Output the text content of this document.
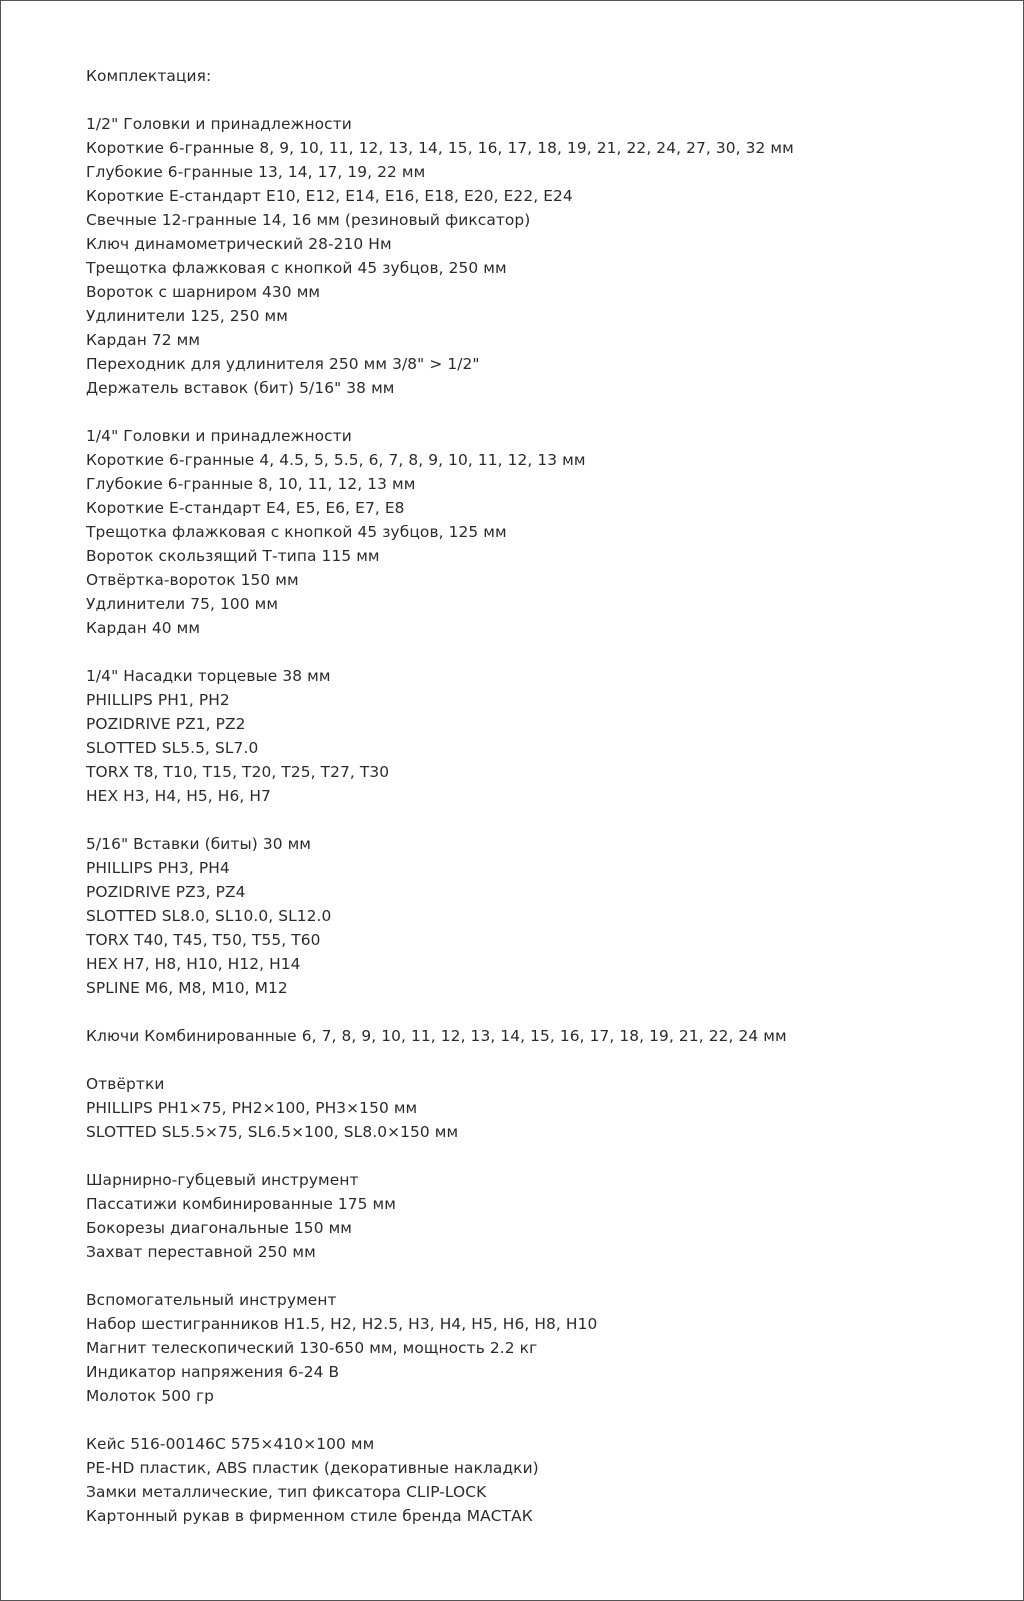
Комплектация:
1/2" Головки и принадлежности
Короткие 6-гранные 8, 9, 10, 11, 12, 13, 14, 15, 16, 17, 18, 19, 21, 22, 24, 27, 30, 32 мм
Глубокие 6-гранные 13, 14, 17, 19, 22 мм
Короткие Е-стандарт Е10, Е12, Е14, Е16, Е18, Е20, Е22, Е24
Свечные 12-гранные 14, 16 мм (резиновый фиксатор)
Ключ динамометрический 28-210 Нм
Трещотка флажковая с кнопкой 45 зубцов, 250 мм
Вороток с шарниром 430 мм
Удлинители 125, 250 мм
Кардан 72 мм
Переходник для удлинителя 250 мм 3/8" > 1/2"
Держатель вставок (бит) 5/16" 38 мм
1/4" Головки и принадлежности
Короткие 6-гранные 4, 4.5, 5, 5.5, 6, 7, 8, 9, 10, 11, 12, 13 мм
Глубокие 6-гранные 8, 10, 11, 12, 13 мм
Короткие Е-стандарт Е4, Е5, Е6, Е7, Е8
Трещотка флажковая с кнопкой 45 зубцов, 125 мм
Вороток скользящий Т-типа 115 мм
Отвёртка-вороток 150 мм
Удлинители 75, 100 мм
Кардан 40 мм
1/4" Насадки торцевые 38 мм
PHILLIPS PH1, PH2
POZIDRIVE PZ1, PZ2
SLOTTED SL5.5, SL7.0
TORX T8, T10, T15, T20, T25, T27, T30
HEX H3, H4, H5, H6, H7
5/16" Вставки (биты) 30 мм
PHILLIPS PH3, PH4
POZIDRIVE PZ3, PZ4
SLOTTED SL8.0, SL10.0, SL12.0
TORX T40, T45, T50, T55, T60
HEX H7, H8, H10, H12, H14
SPLINE M6, M8, M10, M12
Ключи Комбинированные 6, 7, 8, 9, 10, 11, 12, 13, 14, 15, 16, 17, 18, 19, 21, 22, 24 мм
Отвёртки
PHILLIPS PH1×75, PH2×100, PH3×150 мм
SLOTTED SL5.5×75, SL6.5×100, SL8.0×150 мм
Шарнирно-губцевый инструмент
Пассатижи комбинированные 175 мм
Бокорезы диагональные 150 мм
Захват переставной 250 мм
Вспомогательный инструмент
Набор шестигранников H1.5, H2, H2.5, H3, H4, H5, H6, H8, H10
Магнит телескопический 130-650 мм, мощность 2.2 кг
Индикатор напряжения 6-24 В
Молоток 500 гр
Кейс 516-00146C 575×410×100 мм
PE-HD пластик, ABS пластик (декоративные накладки)
Замки металлические, тип фиксатора CLIP-LOCK
Картонный рукав в фирменном стиле бренда МАСТАК
